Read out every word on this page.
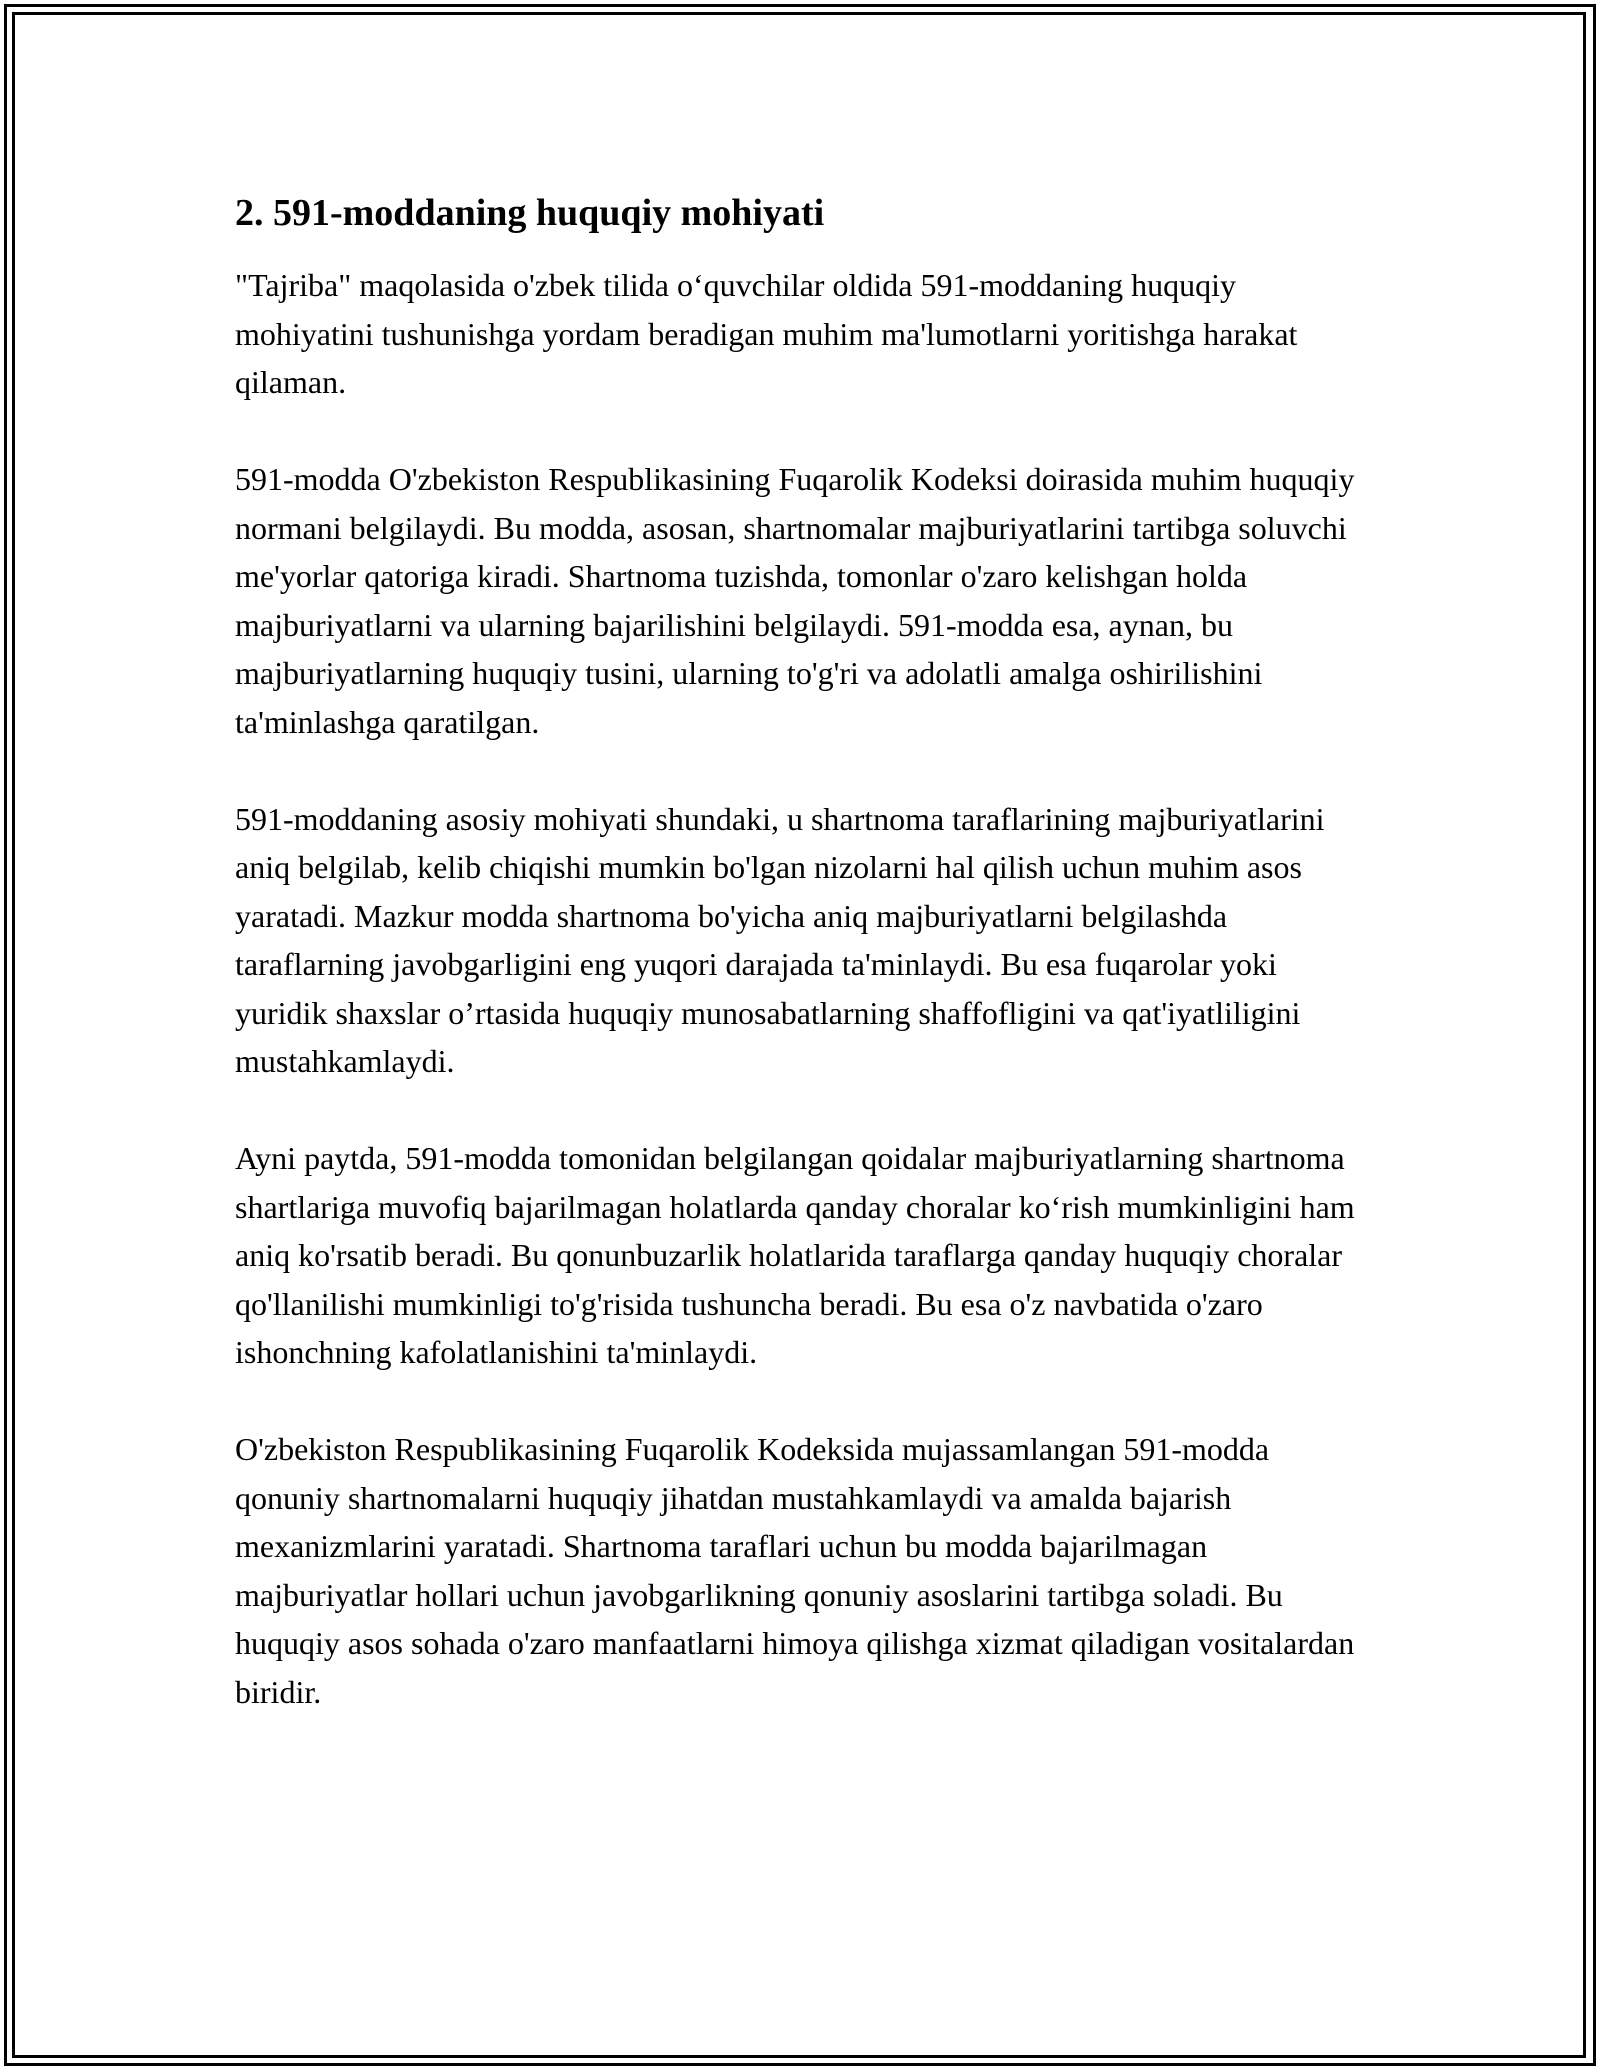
2. 591-moddaning huquqiy mohiyati

"Tajriba" maqolasida o'zbek tilida oʻquvchilar oldida 591-moddaning huquqiy mohiyatini tushunishga yordam beradigan muhim ma'lumotlarni yoritishga harakat qilaman.

591-modda O'zbekiston Respublikasining Fuqarolik Kodeksi doirasida muhim huquqiy normani belgilaydi. Bu modda, asosan, shartnomalar majburiyatlarini tartibga soluvchi me'yorlar qatoriga kiradi. Shartnoma tuzishda, tomonlar o'zaro kelishgan holda majburiyatlarni va ularning bajarilishini belgilaydi. 591-modda esa, aynan, bu majburiyatlarning huquqiy tusini, ularning to'g'ri va adolatli amalga oshirilishini ta'minlashga qaratilgan.

591-moddaning asosiy mohiyati shundaki, u shartnoma taraflarining majburiyatlarini aniq belgilab, kelib chiqishi mumkin bo'lgan nizolarni hal qilish uchun muhim asos yaratadi. Mazkur modda shartnoma bo'yicha aniq majburiyatlarni belgilashda taraflarning javobgarligini eng yuqori darajada ta'minlaydi. Bu esa fuqarolar yoki yuridik shaxslar o’rtasida huquqiy munosabatlarning shaffofligini va qat'iyatliligini mustahkamlaydi.

Ayni paytda, 591-modda tomonidan belgilangan qoidalar majburiyatlarning shartnoma shartlariga muvofiq bajarilmagan holatlarda qanday choralar koʻrish mumkinligini ham aniq ko'rsatib beradi. Bu qonunbuzarlik holatlarida taraflarga qanday huquqiy choralar qo'llanilishi mumkinligi to'g'risida tushuncha beradi. Bu esa o'z navbatida o'zaro ishonchning kafolatlanishini ta'minlaydi.

O'zbekiston Respublikasining Fuqarolik Kodeksida mujassamlangan 591-modda qonuniy shartnomalarni huquqiy jihatdan mustahkamlaydi va amalda bajarish mexanizmlarini yaratadi. Shartnoma taraflari uchun bu modda bajarilmagan majburiyatlar hollari uchun javobgarlikning qonuniy asoslarini tartibga soladi. Bu huquqiy asos sohada o'zaro manfaatlarni himoya qilishga xizmat qiladigan vositalardan biridir.
